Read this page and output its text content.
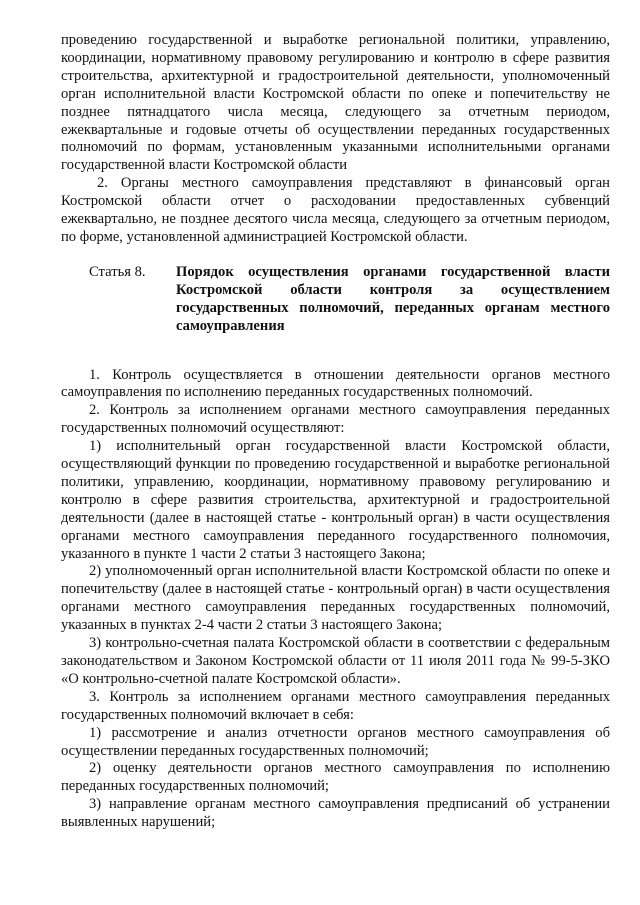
проведению государственной и выработке региональной политики, управлению, координации, нормативному правовому регулированию и контролю в сфере развития строительства, архитектурной и градостроительной деятельности, уполномоченный орган исполнительной власти Костромской области по опеке и попечительству не позднее пятнадцатого числа месяца, следующего за отчетным периодом, ежеквартальные и годовые отчеты об осуществлении переданных государственных полномочий по формам, установленным указанными исполнительными органами государственной власти Костромской области

2. Органы местного самоуправления представляют в финансовый орган Костромской области отчет о расходовании предоставленных субвенций ежеквартально, не позднее десятого числа месяца, следующего за отчетным периодом, по форме, установленной администрацией Костромской области.

Статья 8.	Порядок осуществления органами государственной власти Костромской области контроля за осуществлением государственных полномочий, переданных органам местного самоуправления

1. Контроль осуществляется в отношении деятельности органов местного самоуправления по исполнению переданных государственных полномочий.

2. Контроль за исполнением органами местного самоуправления переданных государственных полномочий осуществляют:

1) исполнительный орган государственной власти Костромской области, осуществляющий функции по проведению государственной и выработке региональной политики, управлению, координации, нормативному правовому регулированию и контролю в сфере развития строительства, архитектурной и градостроительной деятельности (далее в настоящей статье - контрольный орган) в части осуществления органами местного самоуправления переданного государственного полномочия, указанного в пункте 1 части 2 статьи 3 настоящего Закона;

2) уполномоченный орган исполнительной власти Костромской области по опеке и попечительству (далее в настоящей статье - контрольный орган) в части осуществления органами местного самоуправления переданных государственных полномочий, указанных в пунктах 2-4 части 2 статьи 3 настоящего Закона;

3) контрольно-счетная палата Костромской области в соответствии с федеральным законодательством и Законом Костромской области от 11 июля 2011 года № 99-5-ЗКО «О контрольно-счетной палате Костромской области».

3. Контроль за исполнением органами местного самоуправления переданных государственных полномочий включает в себя:

1) рассмотрение и анализ отчетности органов местного самоуправления об осуществлении переданных государственных полномочий;

2) оценку деятельности органов местного самоуправления по исполнению переданных государственных полномочий;

3) направление органам местного самоуправления предписаний об устранении выявленных нарушений;
